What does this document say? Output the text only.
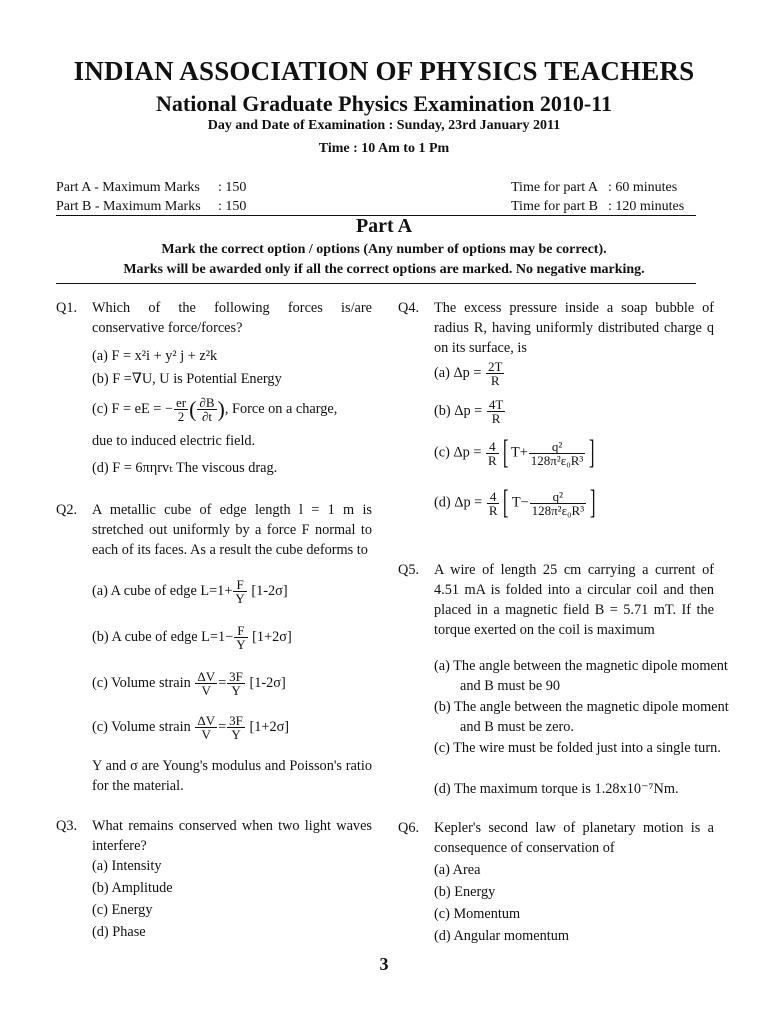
INDIAN ASSOCIATION OF PHYSICS TEACHERS
National Graduate Physics Examination 2010-11
Day and Date of Examination : Sunday, 23rd January 2011
Time : 10 Am to 1 Pm
Part A - Maximum Marks	: 150
Part B - Maximum Marks	: 150
Time for part A : 60 minutes
Time for part B : 120 minutes
Part A
Mark the correct option / options (Any number of options may be correct).
Marks will be awarded only if all the correct options are marked. No negative marking.
Q1. Which of the following forces is/are conservative force/forces?
(a) F = x²i + y² j + z²k
(b) F =∇U, U is Potential Energy
(c) F = eE = − $\frac{er}{2}$ ( $\frac{\partial B}{\partial t}$ ), Force on a charge,
due to induced electric field.
(d) F = 6πηrvₜ The viscous drag.
Q2. A metallic cube of edge length l = 1 m is stretched out uniformly by a force F normal to each of its faces. As a result the cube deforms to
(a) A cube of edge $L=1+ \frac{F}{Y} [1-2\sigma]$
(b) A cube of edge $L=1- \frac{F}{Y} [1+2\sigma]$
(c) Volume strain $\frac{\Delta V}{V} = \frac{3F}{Y} [1-2\sigma]$
(c) Volume strain $\frac{\Delta V}{V} = \frac{3F}{Y} [1+2\sigma]$
Y and σ are Young's modulus and Poisson's ratio for the material.
Q3. What remains conserved when two light waves interfere?
(a) Intensity
(b) Amplitude
(c) Energy
(d) Phase
Q4. The excess pressure inside a soap bubble of radius R, having uniformly distributed charge q on its surface, is
(a) $\Delta p = \frac{2T}{R}$
(b) $\Delta p = \frac{4T}{R}$
(c) $\Delta p = \frac{4}{R}$ [ $T+ \frac{\text{q²}}{\text{128π²ε₀R³}}$ ]
(d) $\Delta p = \frac{4}{R}$ [ $T- \frac{\text{q²}}{\text{128π²ε₀R³}}$ ]
Q5. A wire of length 25 cm carrying a current of 4.51 mA is folded into a circular coil and then placed in a magnetic field B = 5.71 mT. If the torque exerted on the coil is maximum
(a) The angle between the magnetic dipole moment and B must be 90
(b) The angle between the magnetic dipole moment and B must be zero.
(c) The wire must be folded just into a single turn.
(d) The maximum torque is 1.28x10⁻⁷Nm.
Q6. Kepler's second law of planetary motion is a consequence of conservation of
(a) Area
(b) Energy
(c) Momentum
(d) Angular momentum
3
